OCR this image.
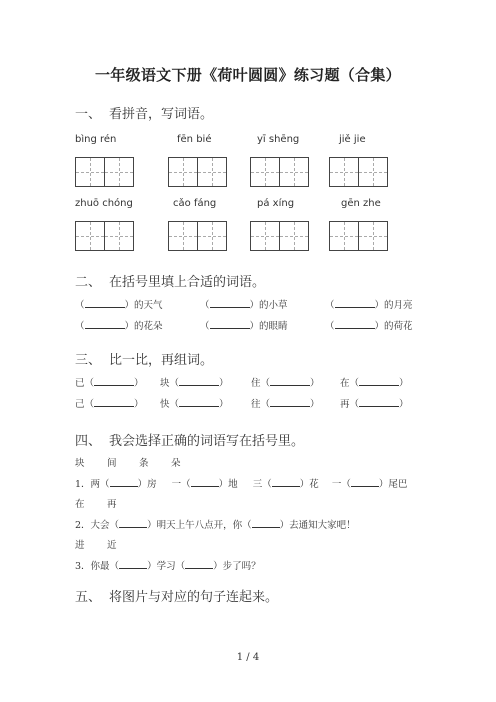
一年级语文下册《荷叶圆圆》练习题（合集）
一、 看拼音，写词语。
bìng rén	fēn bié	yī shēng	jiě jie
zhuō chóng	cǎo fáng	pá xíng	gēn zhe
二、 在括号里填上合适的词语。
（	）的天气	（	）的小草	（	）的月亮
（	）的花朵	（	）的眼睛	（	）的荷花
三、 比一比，再组词。
已（	） 块（	） 住（	） 在（	）
己（	） 快（	） 往（	） 再（	）
四、 我会选择正确的词语写在括号里。
块 间 条 朵
1．两（	）房 一（	）地 三（	）花 一（	）尾巴
在 再
2．大会（	）明天上午八点开，你（	）去通知大家吧！
进 近
3．你最（	）学习（	）步了吗？
五、 将图片与对应的句子连起来。
1 / 4
